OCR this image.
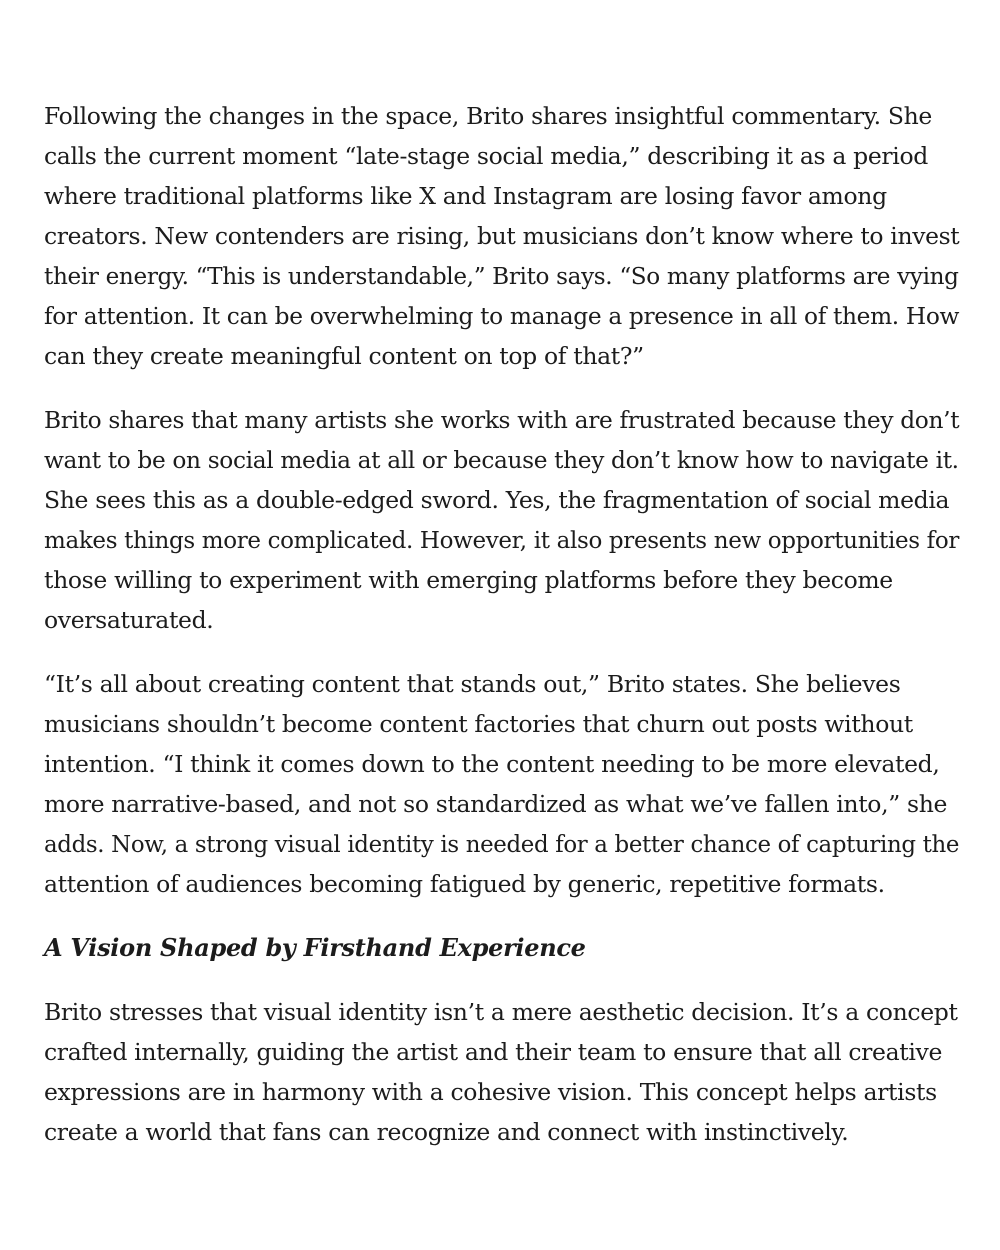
Following the changes in the space, Brito shares insightful commentary. She
calls the current moment “late-stage social media,” describing it as a period
where traditional platforms like X and Instagram are losing favor among
creators. New contenders are rising, but musicians don’t know where to invest
their energy. “This is understandable,” Brito says. “So many platforms are vying
for attention. It can be overwhelming to manage a presence in all of them. How
can they create meaningful content on top of that?”

Brito shares that many artists she works with are frustrated because they don’t
want to be on social media at all or because they don’t know how to navigate it.
She sees this as a double-edged sword. Yes, the fragmentation of social media
makes things more complicated. However, it also presents new opportunities for
those willing to experiment with emerging platforms before they become
oversaturated.

“It’s all about creating content that stands out,” Brito states. She believes
musicians shouldn’t become content factories that churn out posts without
intention. “I think it comes down to the content needing to be more elevated,
more narrative-based, and not so standardized as what we’ve fallen into,” she
adds. Now, a strong visual identity is needed for a better chance of capturing the
attention of audiences becoming fatigued by generic, repetitive formats.

A Vision Shaped by Firsthand Experience

Brito stresses that visual identity isn’t a mere aesthetic decision. It’s a concept
crafted internally, guiding the artist and their team to ensure that all creative
expressions are in harmony with a cohesive vision. This concept helps artists
create a world that fans can recognize and connect with instinctively.
